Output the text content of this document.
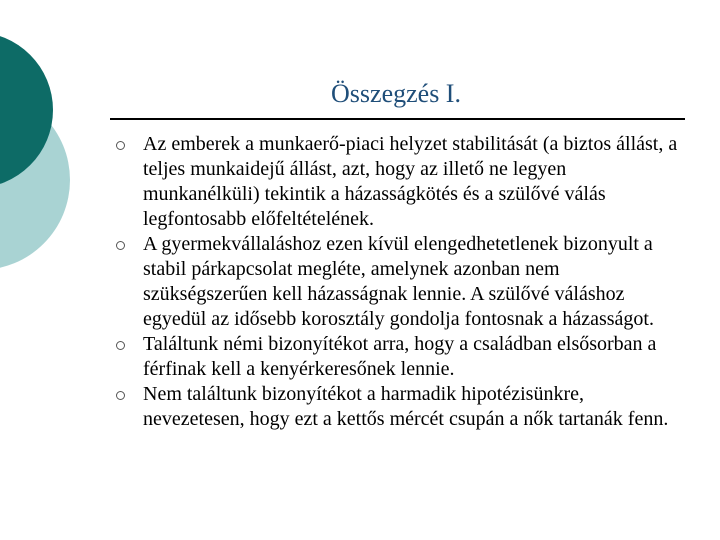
Összegzés I.
Az emberek a munkaerő-piaci helyzet stabilitását (a biztos állást, a teljes munkaidejű állást, azt, hogy az illető ne legyen munkanélküli) tekintik a házasságkötés és a szülővé válás legfontosabb előfeltételének.
A gyermekvállaláshoz ezen kívül elengedhetetlenek bizonyult a stabil párkapcsolat megléte, amelynek azonban nem szükségszerűen kell házasságnak lennie. A szülővé váláshoz egyedül az idősebb korosztály gondolja fontosnak a házasságot.
Találtunk némi bizonyítékot arra, hogy a családban elsősorban a férfinak kell a kenyérkeresőnek lennie.
Nem találtunk bizonyítékot a harmadik hipotézisünkre, nevezetesen, hogy ezt a kettős mércét csupán a nők tartanák fenn.
